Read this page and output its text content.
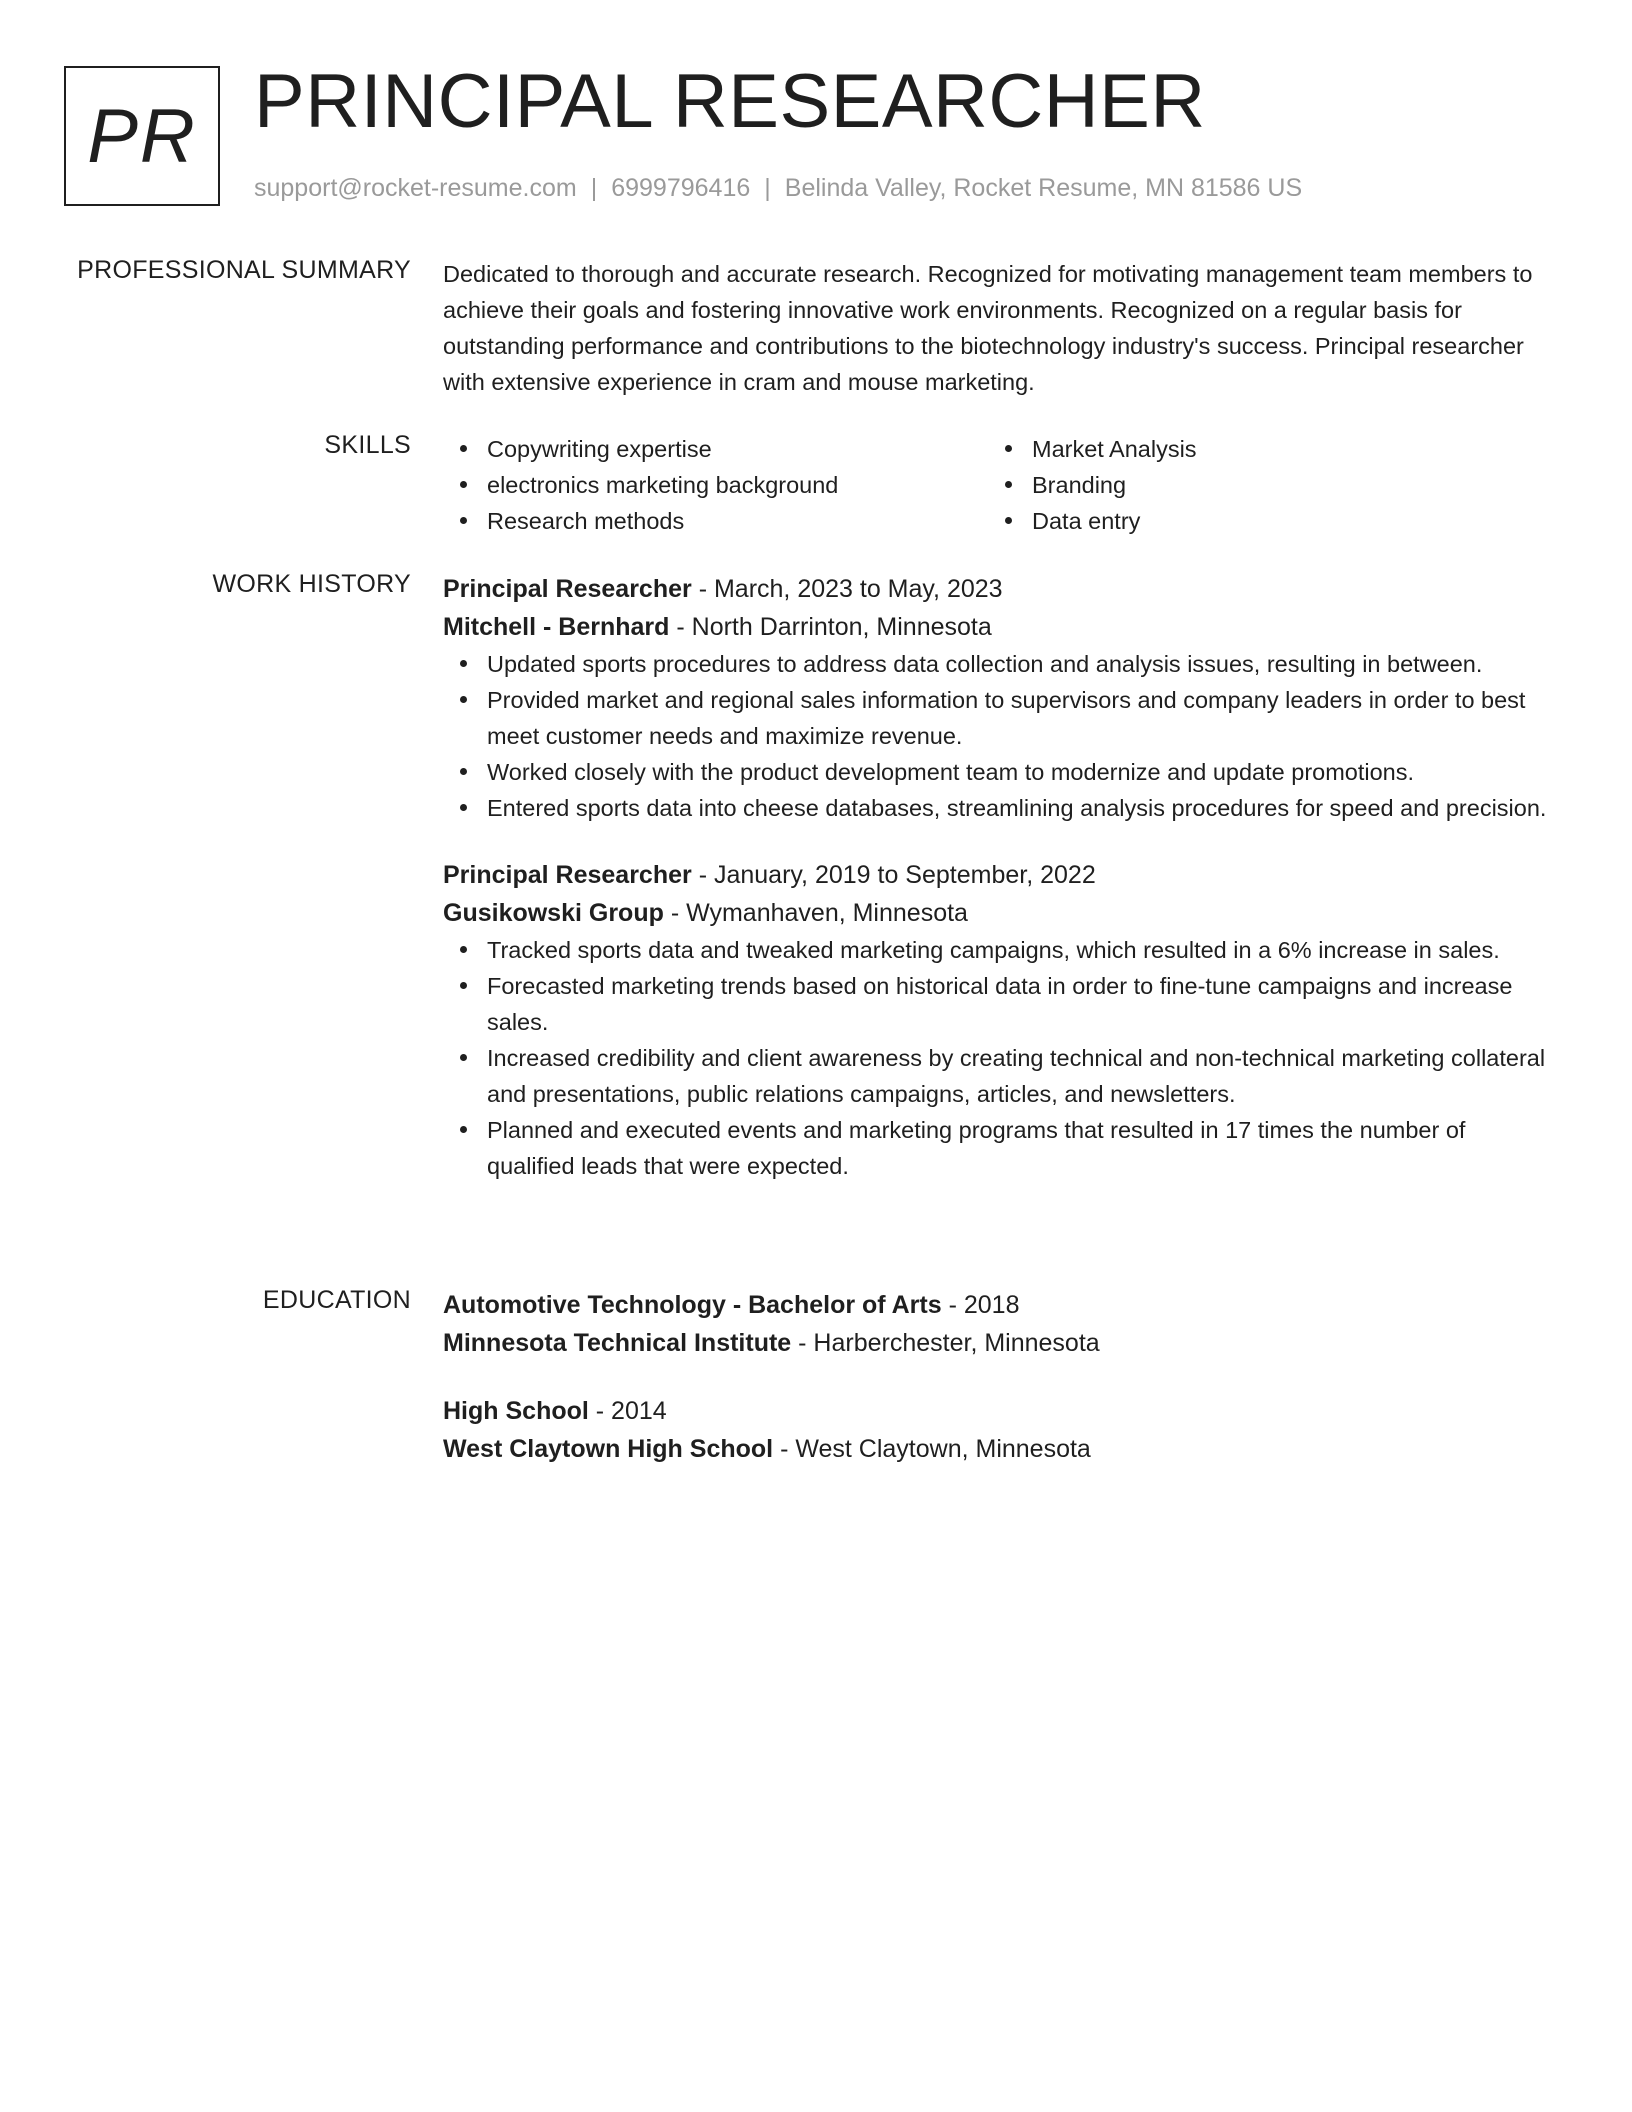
PR PRINCIPAL RESEARCHER
support@rocket-resume.com | 6999796416 | Belinda Valley, Rocket Resume, MN 81586 US
PROFESSIONAL SUMMARY Dedicated to thorough and accurate research. Recognized for motivating management team members to achieve their goals and fostering innovative work environments. Recognized on a regular basis for outstanding performance and contributions to the biotechnology industry's success. Principal researcher with extensive experience in cram and mouse marketing.
SKILLS	Copywriting expertise
electronics marketing background
Research methods
Market Analysis
Branding
Data entry
WORK HISTORY Principal Researcher - March, 2023 to May, 2023
Mitchell - Bernhard - North Darrinton, Minnesota
Updated sports procedures to address data collection and analysis issues, resulting in between.
Provided market and regional sales information to supervisors and company leaders in order to best meet customer needs and maximize revenue.
Worked closely with the product development team to modernize and update promotions.
Entered sports data into cheese databases, streamlining analysis procedures for speed and precision.
Principal Researcher - January, 2019 to September, 2022
Gusikowski Group - Wymanhaven, Minnesota
Tracked sports data and tweaked marketing campaigns, which resulted in a 6% increase in sales.
Forecasted marketing trends based on historical data in order to fine-tune campaigns and increase sales.
Increased credibility and client awareness by creating technical and non-technical marketing collateral and presentations, public relations campaigns, articles, and newsletters.
Planned and executed events and marketing programs that resulted in 17 times the number of qualified leads that were expected.
EDUCATION Automotive Technology - Bachelor of Arts - 2018
Minnesota Technical Institute - Harberchester, Minnesota
High School - 2014
West Claytown High School - West Claytown, Minnesota
